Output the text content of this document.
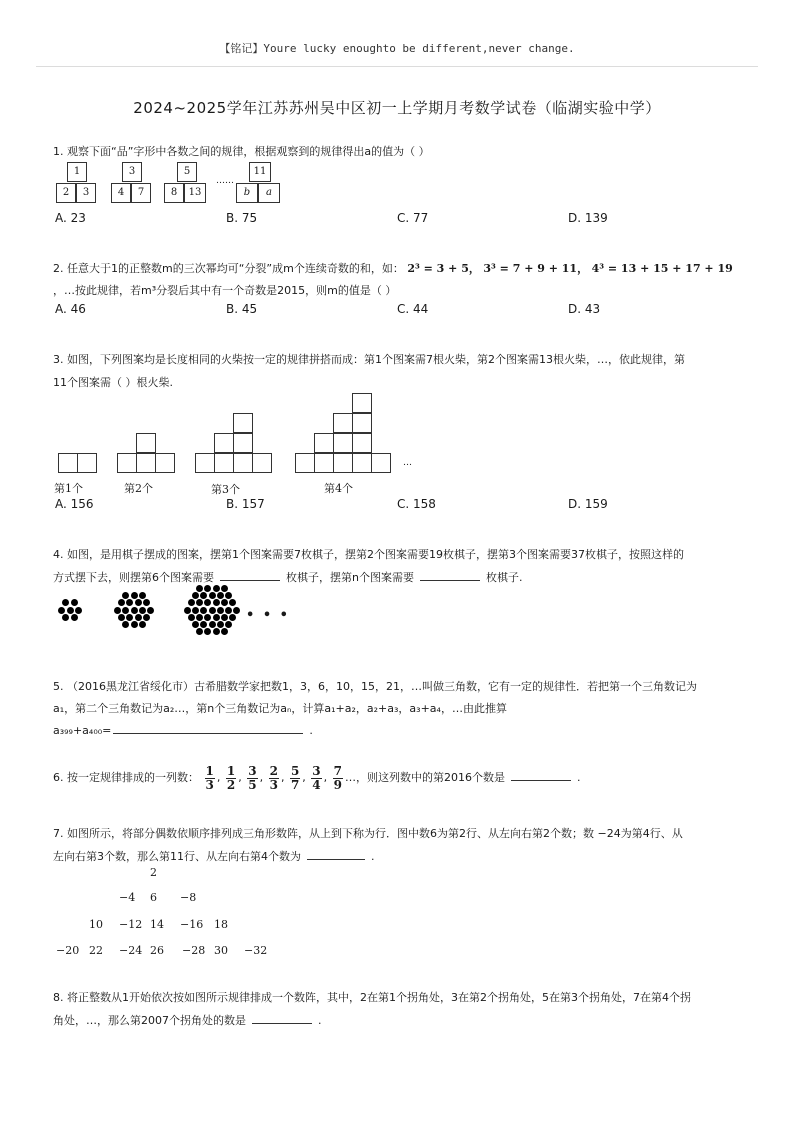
【铭记】Youre lucky enoughto be different,never change.
2024~2025学年江苏苏州吴中区初一上学期月考数学试卷（临湖实验中学）
1. 观察下面“品”字形中各数之间的规律，根据观察到的规律得出a的值为（ ）
1
2	3
3
4	7
5
8	13
……
11
b	a
A. 23	B. 75	C. 77	D. 139
2. 任意大于1的正整数m的三次幂均可“分裂”成m个连续奇数的和，如： 2³ = 3 + 5， 3³ = 7 + 9 + 11， 4³ = 13 + 15 + 17 + 19
，…按此规律，若m³分裂后其中有一个奇数是2015，则m的值是（ ）
A. 46	B. 45	C. 44	D. 43
3. 如图，下列图案均是长度相同的火柴按一定的规律拼搭而成：第1个图案需7根火柴，第2个图案需13根火柴，…，依此规律，第
11个图案需（ ）根火柴.
…
第1个	第2个	第3个	第4个
A. 156	B. 157	C. 158	D. 159
4. 如图，是用棋子摆成的图案，摆第1个图案需要7枚棋子，摆第2个图案需要19枚棋子，摆第3个图案需要37枚棋子，按照这样的
方式摆下去，则摆第6个图案需要	枚棋子，摆第n个图案需要	枚棋子.
• • •
5. （2016黑龙江省绥化市）古希腊数学家把数1，3，6，10，15，21，…叫做三角数，它有一定的规律性．若把第一个三角数记为
a₁，第二个三角数记为a₂…，第n个三角数记为aₙ，计算a₁+a₂，a₂+a₃，a₃+a₄，…由此推算
a₃₉₉+a₄₀₀=	.
6. 按一定规律排成的一列数： $\frac{1}{3}$ , $\frac{1}{2}$ , $\frac{3}{5}$ , $\frac{2}{3}$ , $\frac{5}{7}$ , $\frac{3}{4}$ , $\frac{7}{9}$ …，则这列数中的第2016个数是	.
7. 如图所示，将部分偶数依顺序排列成三角形数阵，从上到下称为行．图中数6为第2行、从左向右第2个数；数 −24为第4行、从
左向右第3个数，那么第11行、从左向右第4个数为	.
2
−4 6 −8
10 −12 14 −16 18
−20 22 −24 26 −28 30 −32
8. 将正整数从1开始依次按如图所示规律排成一个数阵，其中，2在第1个拐角处，3在第2个拐角处，5在第3个拐角处，7在第4个拐
角处，…，那么第2007个拐角处的数是	.
